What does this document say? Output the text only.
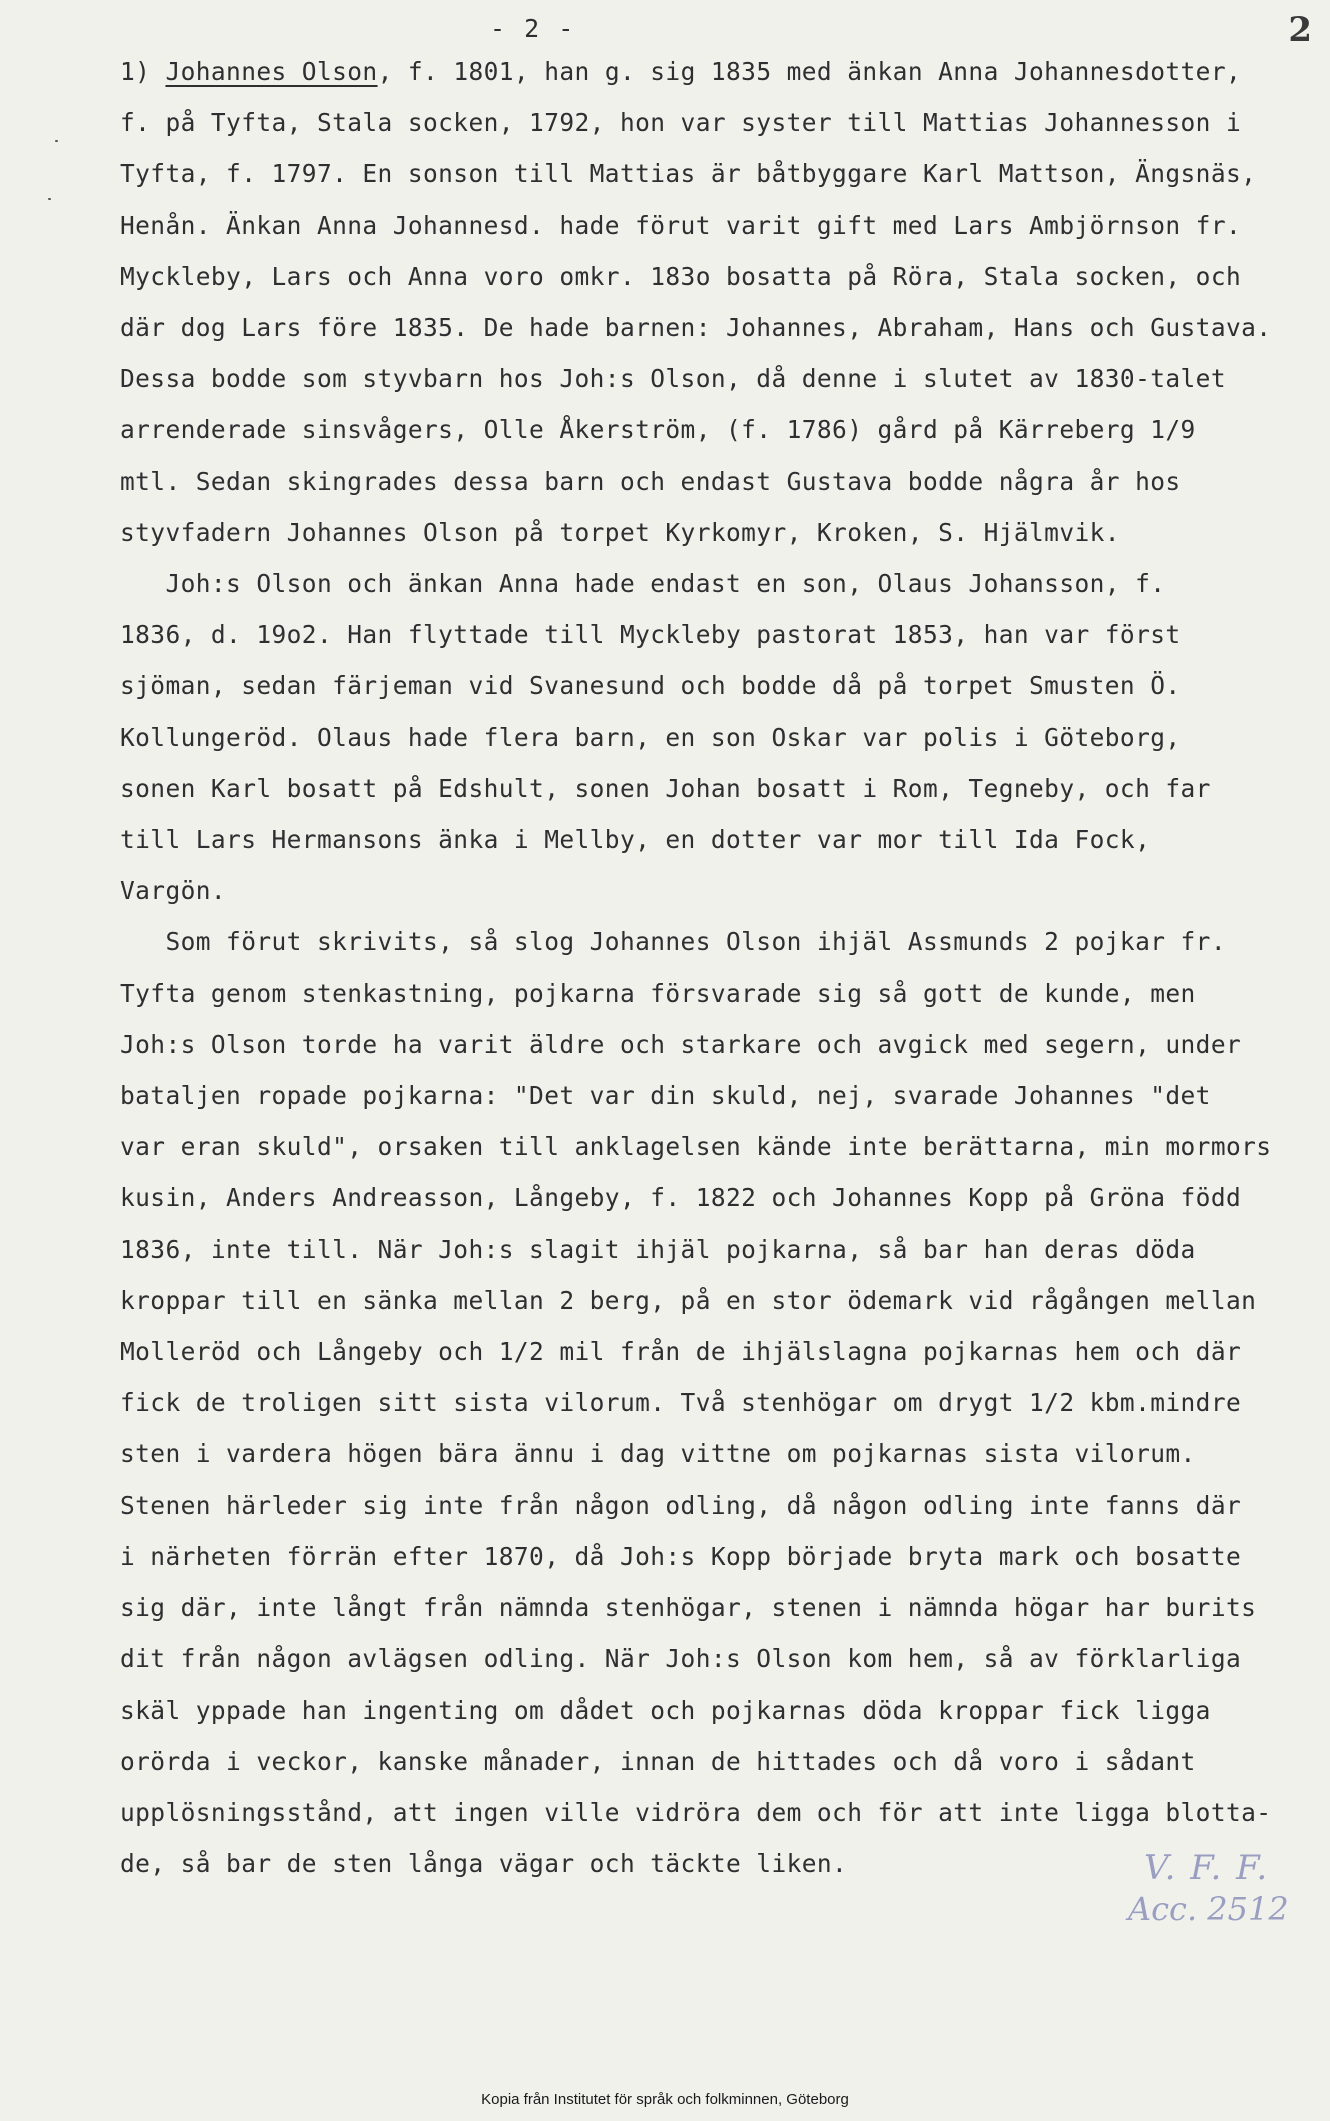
- 2 -	2
1) Johannes Olson, f. 1801, han g. sig 1835 med änkan Anna Johannesdotter,
f. på Tyfta, Stala socken, 1792, hon var syster till Mattias Johannesson i
Tyfta, f. 1797. En sonson till Mattias är båtbyggare Karl Mattson, Ängsnäs,
Henån. Änkan Anna Johannesd. hade förut varit gift med Lars Ambjörnson fr.
Myckleby, Lars och Anna voro omkr. 183o bosatta på Röra, Stala socken, och
där dog Lars före 1835. De hade barnen: Johannes, Abraham, Hans och Gustava.
Dessa bodde som styvbarn hos Joh:s Olson, då denne i slutet av 1830-talet
arrenderade sinsvågers, Olle Åkerström, (f. 1786) gård på Kärreberg 1/9
mtl. Sedan skingrades dessa barn och endast Gustava bodde några år hos
styvfadern Johannes Olson på torpet Kyrkomyr, Kroken, S. Hjälmvik.
Joh:s Olson och änkan Anna hade endast en son, Olaus Johansson, f.
1836, d. 19o2. Han flyttade till Myckleby pastorat 1853, han var först
sjöman, sedan färjeman vid Svanesund och bodde då på torpet Smusten Ö.
Kollungeröd. Olaus hade flera barn, en son Oskar var polis i Göteborg,
sonen Karl bosatt på Edshult, sonen Johan bosatt i Rom, Tegneby, och far
till Lars Hermansons änka i Mellby, en dotter var mor till Ida Fock,
Vargön.
Som förut skrivits, så slog Johannes Olson ihjäl Assmunds 2 pojkar fr.
Tyfta genom stenkastning, pojkarna försvarade sig så gott de kunde, men
Joh:s Olson torde ha varit äldre och starkare och avgick med segern, under
bataljen ropade pojkarna: "Det var din skuld, nej, svarade Johannes "det
var eran skuld", orsaken till anklagelsen kände inte berättarna, min mormors
kusin, Anders Andreasson, Långeby, f. 1822 och Johannes Kopp på Gröna född
1836, inte till. När Joh:s slagit ihjäl pojkarna, så bar han deras döda
kroppar till en sänka mellan 2 berg, på en stor ödemark vid rågången mellan
Molleröd och Långeby och 1/2 mil från de ihjälslagna pojkarnas hem och där
fick de troligen sitt sista vilorum. Två stenhögar om drygt 1/2 kbm.mindre
sten i vardera högen bära ännu i dag vittne om pojkarnas sista vilorum.
Stenen härleder sig inte från någon odling, då någon odling inte fanns där
i närheten förrän efter 1870, då Joh:s Kopp började bryta mark och bosatte
sig där, inte långt från nämnda stenhögar, stenen i nämnda högar har burits
dit från någon avlägsen odling. När Joh:s Olson kom hem, så av förklarliga
skäl yppade han ingenting om dådet och pojkarnas döda kroppar fick ligga
orörda i veckor, kanske månader, innan de hittades och då voro i sådant
upplösningsstånd, att ingen ville vidröra dem och för att inte ligga blotta-
de, så bar de sten långa vägar och täckte liken.	V. F. F.
Acc. 2512
Kopia från Institutet för språk och folkminnen, Göteborg
